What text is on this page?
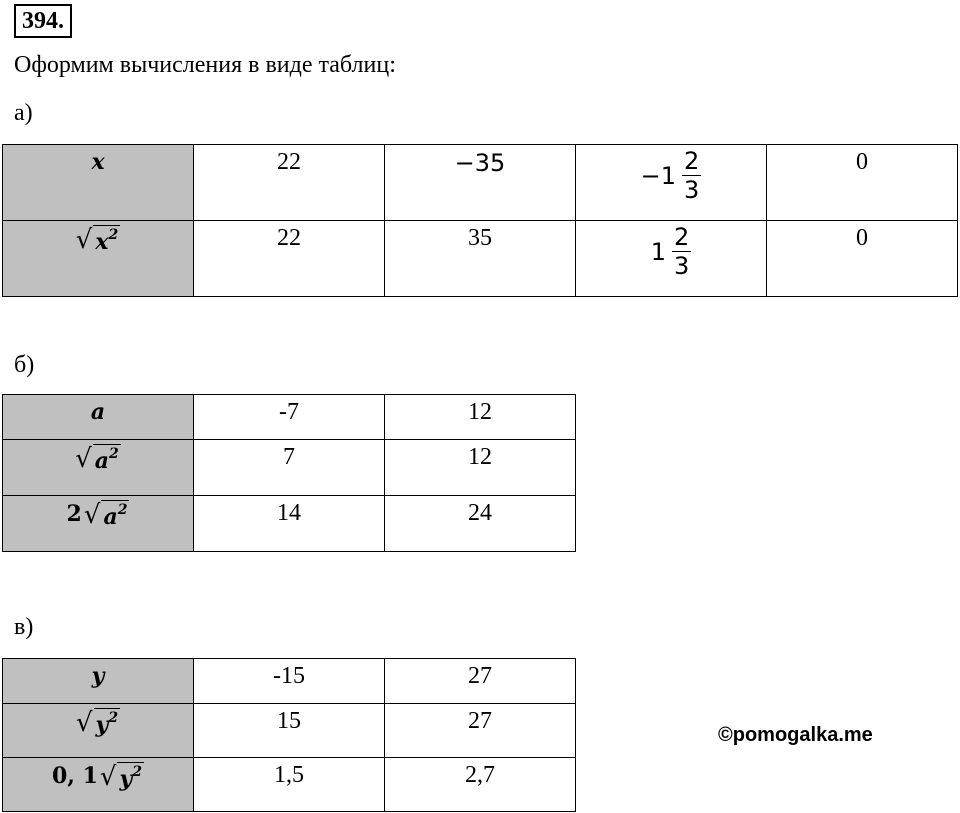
394.
Оформим вычисления в виде таблиц:
а)
x	22	−35	$-1 \frac{2}{3}$	0

√ $x^2$	22	35	$1 \frac{2}{3}$	0
б)
a	-7	12

√ $a^2$	7	12
2 √ $a^2$	14	24
в)
y	-15	27

√ $y^2$	15	27
0, 1 √ $y^2$	1,5	2,7
©pomogalka.me
